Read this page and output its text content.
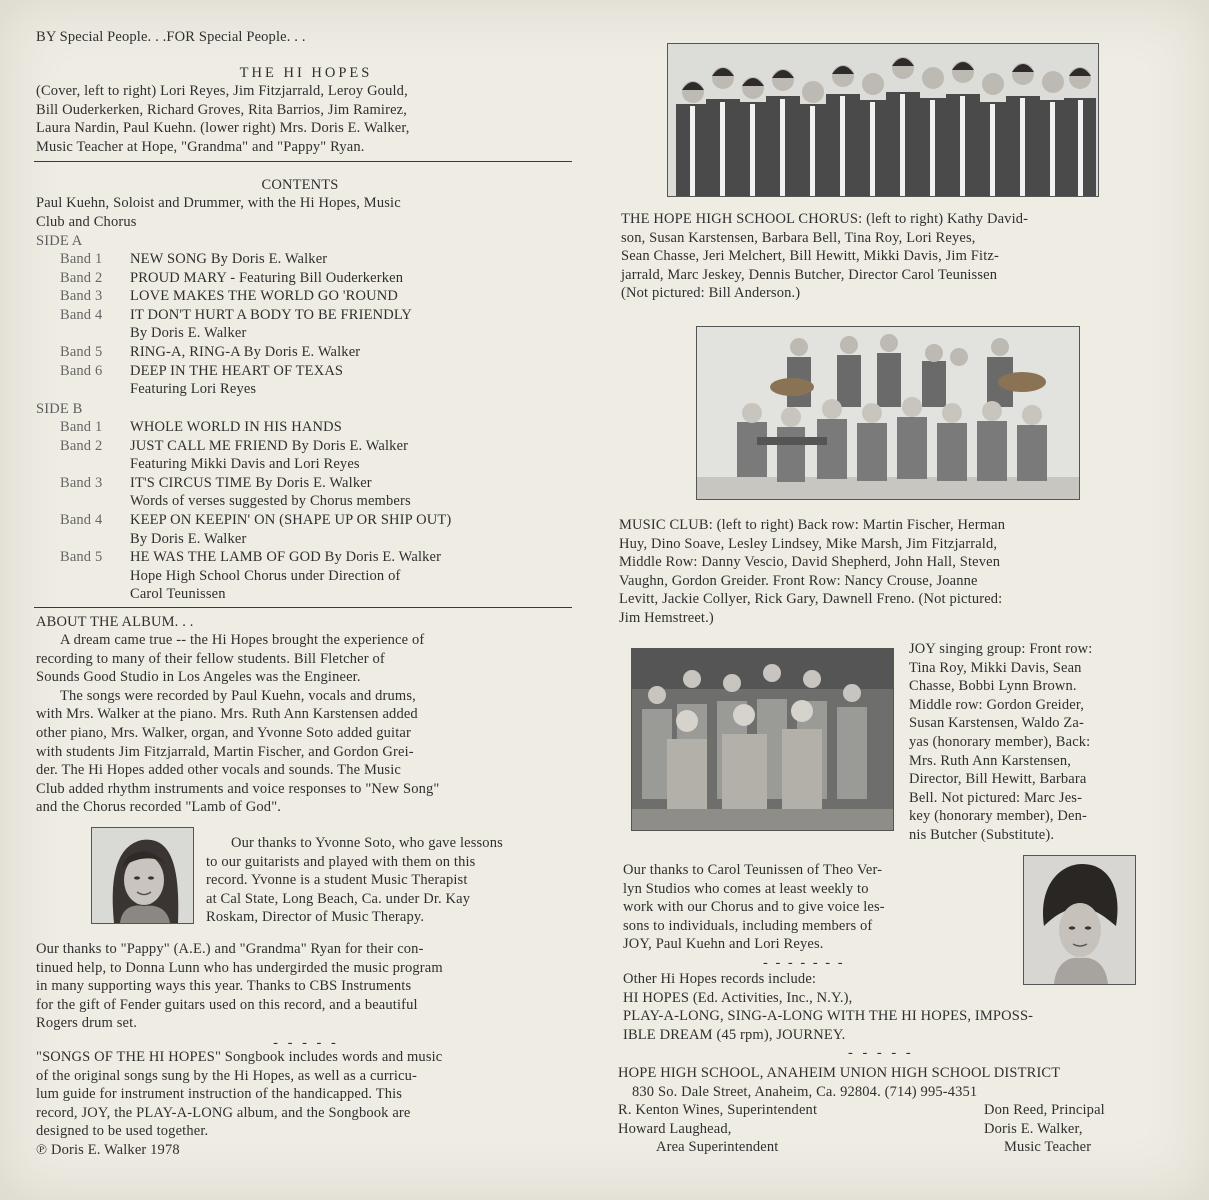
BY Special People. . .FOR Special People. . .
THE HI HOPES
(Cover, left to right) Lori Reyes, Jim Fitzjarrald, Leroy Gould,
Bill Ouderkerken, Richard Groves, Rita Barrios, Jim Ramirez,
Laura Nardin, Paul Kuehn. (lower right) Mrs. Doris E. Walker,
Music Teacher at Hope, "Grandma" and "Pappy" Ryan.
CONTENTS
Paul Kuehn, Soloist and Drummer, with the Hi Hopes, Music
Club and Chorus
SIDE A
Band 1	NEW SONG By Doris E. Walker
Band 2	PROUD MARY - Featuring Bill Ouderkerken
Band 3	LOVE MAKES THE WORLD GO 'ROUND
Band 4	IT DON'T HURT A BODY TO BE FRIENDLY
By Doris E. Walker
Band 5	RING-A, RING-A By Doris E. Walker
Band 6	DEEP IN THE HEART OF TEXAS
Featuring Lori Reyes
SIDE B
Band 1	WHOLE WORLD IN HIS HANDS
Band 2	JUST CALL ME FRIEND By Doris E. Walker
Featuring Mikki Davis and Lori Reyes
Band 3	IT'S CIRCUS TIME By Doris E. Walker
Words of verses suggested by Chorus members
Band 4	KEEP ON KEEPIN' ON (SHAPE UP OR SHIP OUT)
By Doris E. Walker
Band 5	HE WAS THE LAMB OF GOD By Doris E. Walker
Hope High School Chorus under Direction of
Carol Teunissen
ABOUT THE ALBUM. . .
A dream came true -- the Hi Hopes brought the experience of
recording to many of their fellow students. Bill Fletcher of
Sounds Good Studio in Los Angeles was the Engineer.
The songs were recorded by Paul Kuehn, vocals and drums,
with Mrs. Walker at the piano. Mrs. Ruth Ann Karstensen added
other piano, Mrs. Walker, organ, and Yvonne Soto added guitar
with students Jim Fitzjarrald, Martin Fischer, and Gordon Grei-
der. The Hi Hopes added other vocals and sounds. The Music
Club added rhythm instruments and voice responses to "New Song"
and the Chorus recorded "Lamb of God".
Our thanks to Yvonne Soto, who gave lessons
to our guitarists and played with them on this
record. Yvonne is a student Music Therapist
at Cal State, Long Beach, Ca. under Dr. Kay
Roskam, Director of Music Therapy.
Our thanks to "Pappy" (A.E.) and "Grandma" Ryan for their con-
tinued help, to Donna Lunn who has undergirded the music program
in many supporting ways this year. Thanks to CBS Instruments
for the gift of Fender guitars used on this record, and a beautiful
Rogers drum set.
- - - - -
"SONGS OF THE HI HOPES" Songbook includes words and music
of the original songs sung by the Hi Hopes, as well as a curricu-
lum guide for instrument instruction of the handicapped. This
record, JOY, the PLAY-A-LONG album, and the Songbook are
designed to be used together.
℗ Doris E. Walker 1978
THE HOPE HIGH SCHOOL CHORUS: (left to right) Kathy David-
son, Susan Karstensen, Barbara Bell, Tina Roy, Lori Reyes,
Sean Chasse, Jeri Melchert, Bill Hewitt, Mikki Davis, Jim Fitz-
jarrald, Marc Jeskey, Dennis Butcher, Director Carol Teunissen
(Not pictured: Bill Anderson.)
MUSIC CLUB: (left to right) Back row: Martin Fischer, Herman
Huy, Dino Soave, Lesley Lindsey, Mike Marsh, Jim Fitzjarrald,
Middle Row: Danny Vescio, David Shepherd, John Hall, Steven
Vaughn, Gordon Greider. Front Row: Nancy Crouse, Joanne
Levitt, Jackie Collyer, Rick Gary, Dawnell Freno. (Not pictured:
Jim Hemstreet.)
JOY singing group: Front row:
Tina Roy, Mikki Davis, Sean
Chasse, Bobbi Lynn Brown.
Middle row: Gordon Greider,
Susan Karstensen, Waldo Za-
yas (honorary member), Back:
Mrs. Ruth Ann Karstensen,
Director, Bill Hewitt, Barbara
Bell. Not pictured: Marc Jes-
key (honorary member), Den-
nis Butcher (Substitute).
Our thanks to Carol Teunissen of Theo Ver-
lyn Studios who comes at least weekly to
work with our Chorus and to give voice les-
sons to individuals, including members of
JOY, Paul Kuehn and Lori Reyes.
- - - - - - -
Other Hi Hopes records include:
HI HOPES (Ed. Activities, Inc., N.Y.),
PLAY-A-LONG, SING-A-LONG WITH THE HI HOPES, IMPOSS-
IBLE DREAM (45 rpm), JOURNEY.
- - - - -
HOPE HIGH SCHOOL, ANAHEIM UNION HIGH SCHOOL DISTRICT
830 So. Dale Street, Anaheim, Ca. 92804. (714) 995-4351
R. Kenton Wines, Superintendent
Howard Laughead,
Area Superintendent
Don Reed, Principal
Doris E. Walker,
Music Teacher
